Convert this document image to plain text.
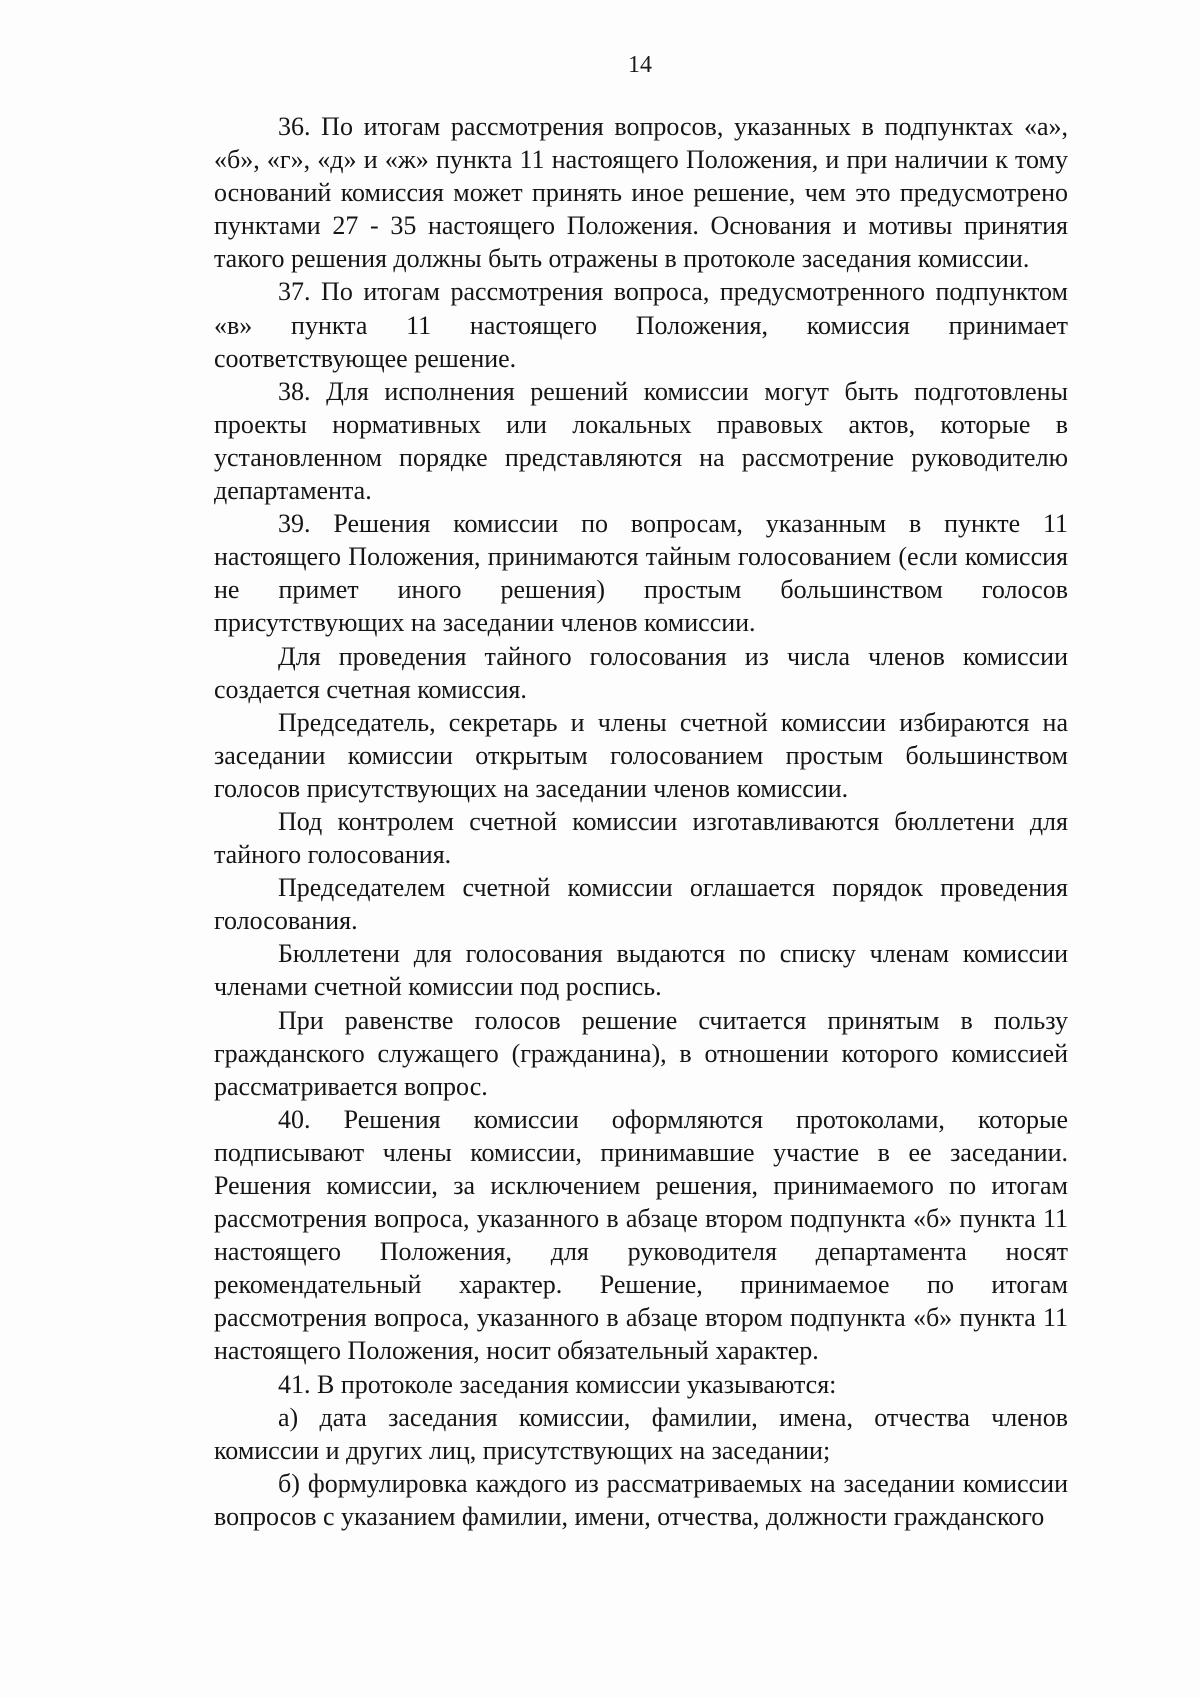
14

36. По итогам рассмотрения вопросов, указанных в подпунктах «а», «б», «г», «д» и «ж» пункта 11 настоящего Положения, и при наличии к тому оснований комиссия может принять иное решение, чем это предусмотрено пунктами 27 - 35 настоящего Положения. Основания и мотивы принятия такого решения должны быть отражены в протоколе заседания комиссии.

37. По итогам рассмотрения вопроса, предусмотренного подпунктом «в» пункта 11 настоящего Положения, комиссия принимает соответствующее решение.

38. Для исполнения решений комиссии могут быть подготовлены проекты нормативных или локальных правовых актов, которые в установленном порядке представляются на рассмотрение руководителю департамента.

39. Решения комиссии по вопросам, указанным в пункте 11 настоящего Положения, принимаются тайным голосованием (если комиссия не примет иного решения) простым большинством голосов присутствующих на заседании членов комиссии.

Для проведения тайного голосования из числа членов комиссии создается счетная комиссия.

Председатель, секретарь и члены счетной комиссии избираются на заседании комиссии открытым голосованием простым большинством голосов присутствующих на заседании членов комиссии.

Под контролем счетной комиссии изготавливаются бюллетени для тайного голосования.

Председателем счетной комиссии оглашается порядок проведения голосования.

Бюллетени для голосования выдаются по списку членам комиссии членами счетной комиссии под роспись.

При равенстве голосов решение считается принятым в пользу гражданского служащего (гражданина), в отношении которого комиссией рассматривается вопрос.

40. Решения комиссии оформляются протоколами, которые подписывают члены комиссии, принимавшие участие в ее заседании. Решения комиссии, за исключением решения, принимаемого по итогам рассмотрения вопроса, указанного в абзаце втором подпункта «б» пункта 11 настоящего Положения, для руководителя департамента носят рекомендательный характер. Решение, принимаемое по итогам рассмотрения вопроса, указанного в абзаце втором подпункта «б» пункта 11 настоящего Положения, носит обязательный характер.

41. В протоколе заседания комиссии указываются:

а) дата заседания комиссии, фамилии, имена, отчества членов комиссии и других лиц, присутствующих на заседании;

б) формулировка каждого из рассматриваемых на заседании комиссии вопросов с указанием фамилии, имени, отчества, должности гражданского
